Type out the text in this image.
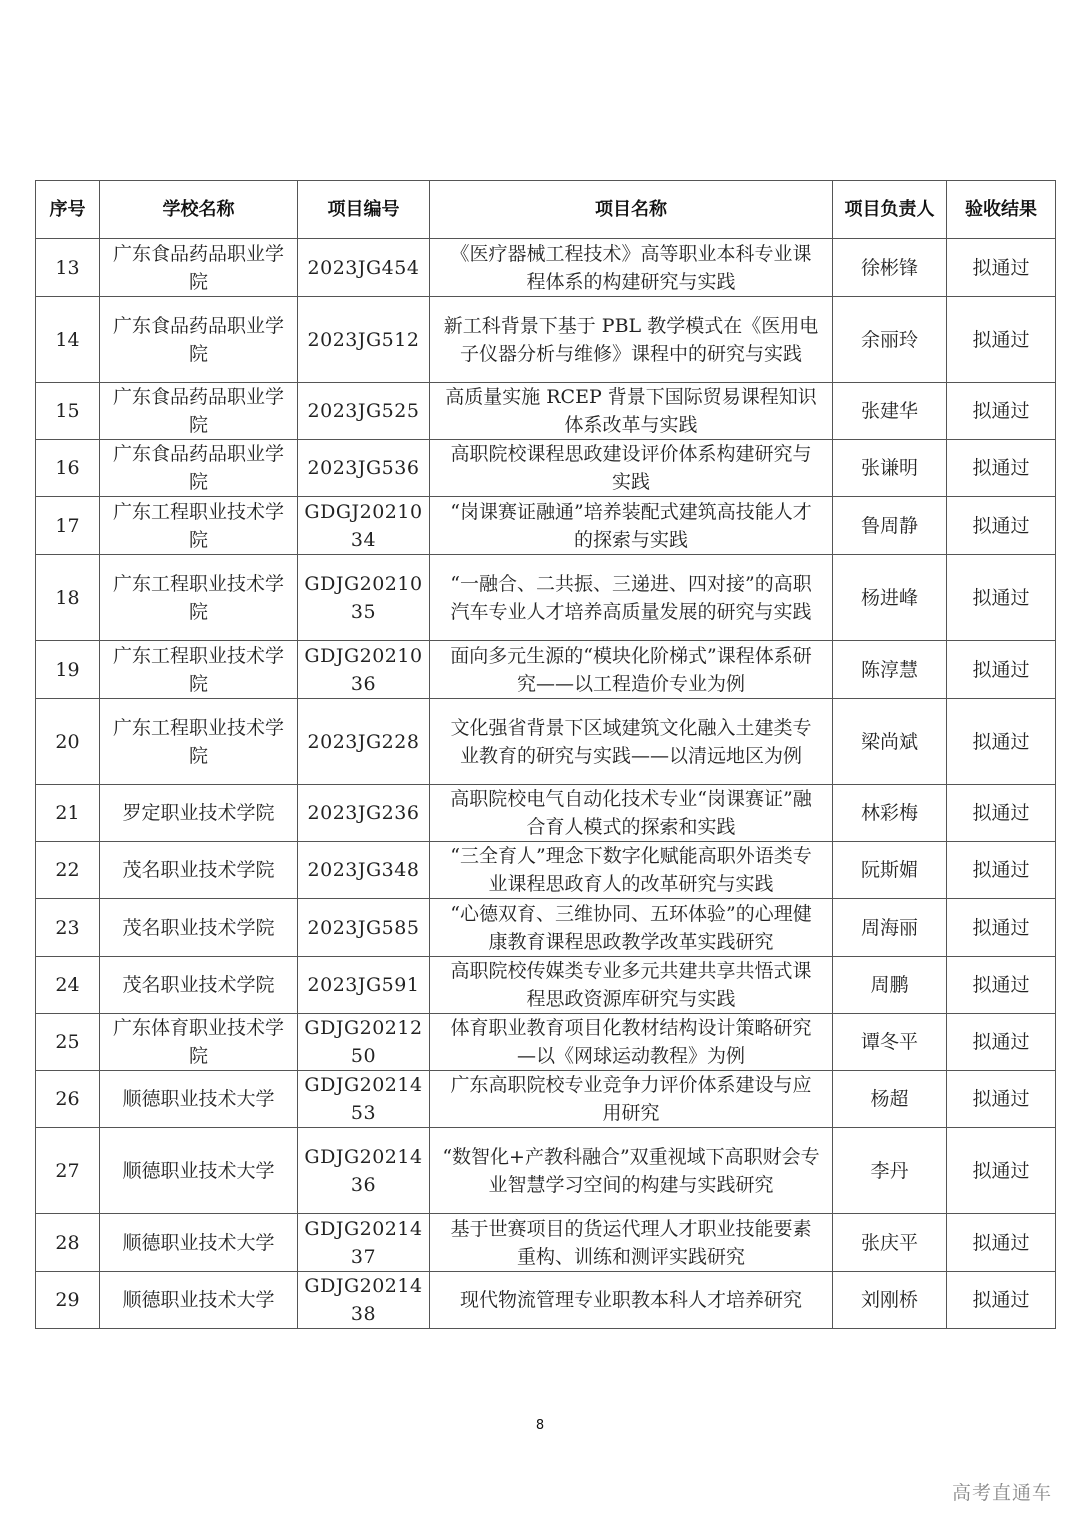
序号	学校名称	项目编号	项目名称	项目负责人	验收结果
13	广东食品药品职业学院	2023JG454	《医疗器械工程技术》高等职业本科专业课程体系的构建研究与实践	徐彬锋	拟通过
14	广东食品药品职业学院	2023JG512	新工科背景下基于 PBL 教学模式在《医用电子仪器分析与维修》课程中的研究与实践	余丽玲	拟通过
15	广东食品药品职业学院	2023JG525	高质量实施 RCEP 背景下国际贸易课程知识体系改革与实践	张建华	拟通过
16	广东食品药品职业学院	2023JG536	高职院校课程思政建设评价体系构建研究与实践	张谦明	拟通过
17	广东工程职业技术学院	GDGJ2021034	“岗课赛证融通”培养装配式建筑高技能人才的探索与实践	鲁周静	拟通过
18	广东工程职业技术学院	GDJG2021035	“一融合、二共振、三递进、四对接”的高职汽车专业人才培养高质量发展的研究与实践	杨进峰	拟通过
19	广东工程职业技术学院	GDJG2021036	面向多元生源的“模块化阶梯式”课程体系研究——以工程造价专业为例	陈淳慧	拟通过
20	广东工程职业技术学院	2023JG228	文化强省背景下区域建筑文化融入土建类专业教育的研究与实践——以清远地区为例	梁尚斌	拟通过
21	罗定职业技术学院	2023JG236	高职院校电气自动化技术专业“岗课赛证”融合育人模式的探索和实践	林彩梅	拟通过
22	茂名职业技术学院	2023JG348	“三全育人”理念下数字化赋能高职外语类专业课程思政育人的改革研究与实践	阮斯媚	拟通过
23	茂名职业技术学院	2023JG585	“心德双育、三维协同、五环体验”的心理健康教育课程思政教学改革实践研究	周海丽	拟通过
24	茂名职业技术学院	2023JG591	高职院校传媒类专业多元共建共享共悟式课程思政资源库研究与实践	周鹏	拟通过
25	广东体育职业技术学院	GDJG2021250	体育职业教育项目化教材结构设计策略研究—以《网球运动教程》为例	谭冬平	拟通过
26	顺德职业技术大学	GDJG2021453	广东高职院校专业竞争力评价体系建设与应用研究	杨超	拟通过
27	顺德职业技术大学	GDJG2021436	“数智化+产教科融合”双重视域下高职财会专业智慧学习空间的构建与实践研究	李丹	拟通过
28	顺德职业技术大学	GDJG2021437	基于世赛项目的货运代理人才职业技能要素重构、训练和测评实践研究	张庆平	拟通过
29	顺德职业技术大学	GDJG2021438	现代物流管理专业职教本科人才培养研究	刘刚桥	拟通过
8
高考直通车
